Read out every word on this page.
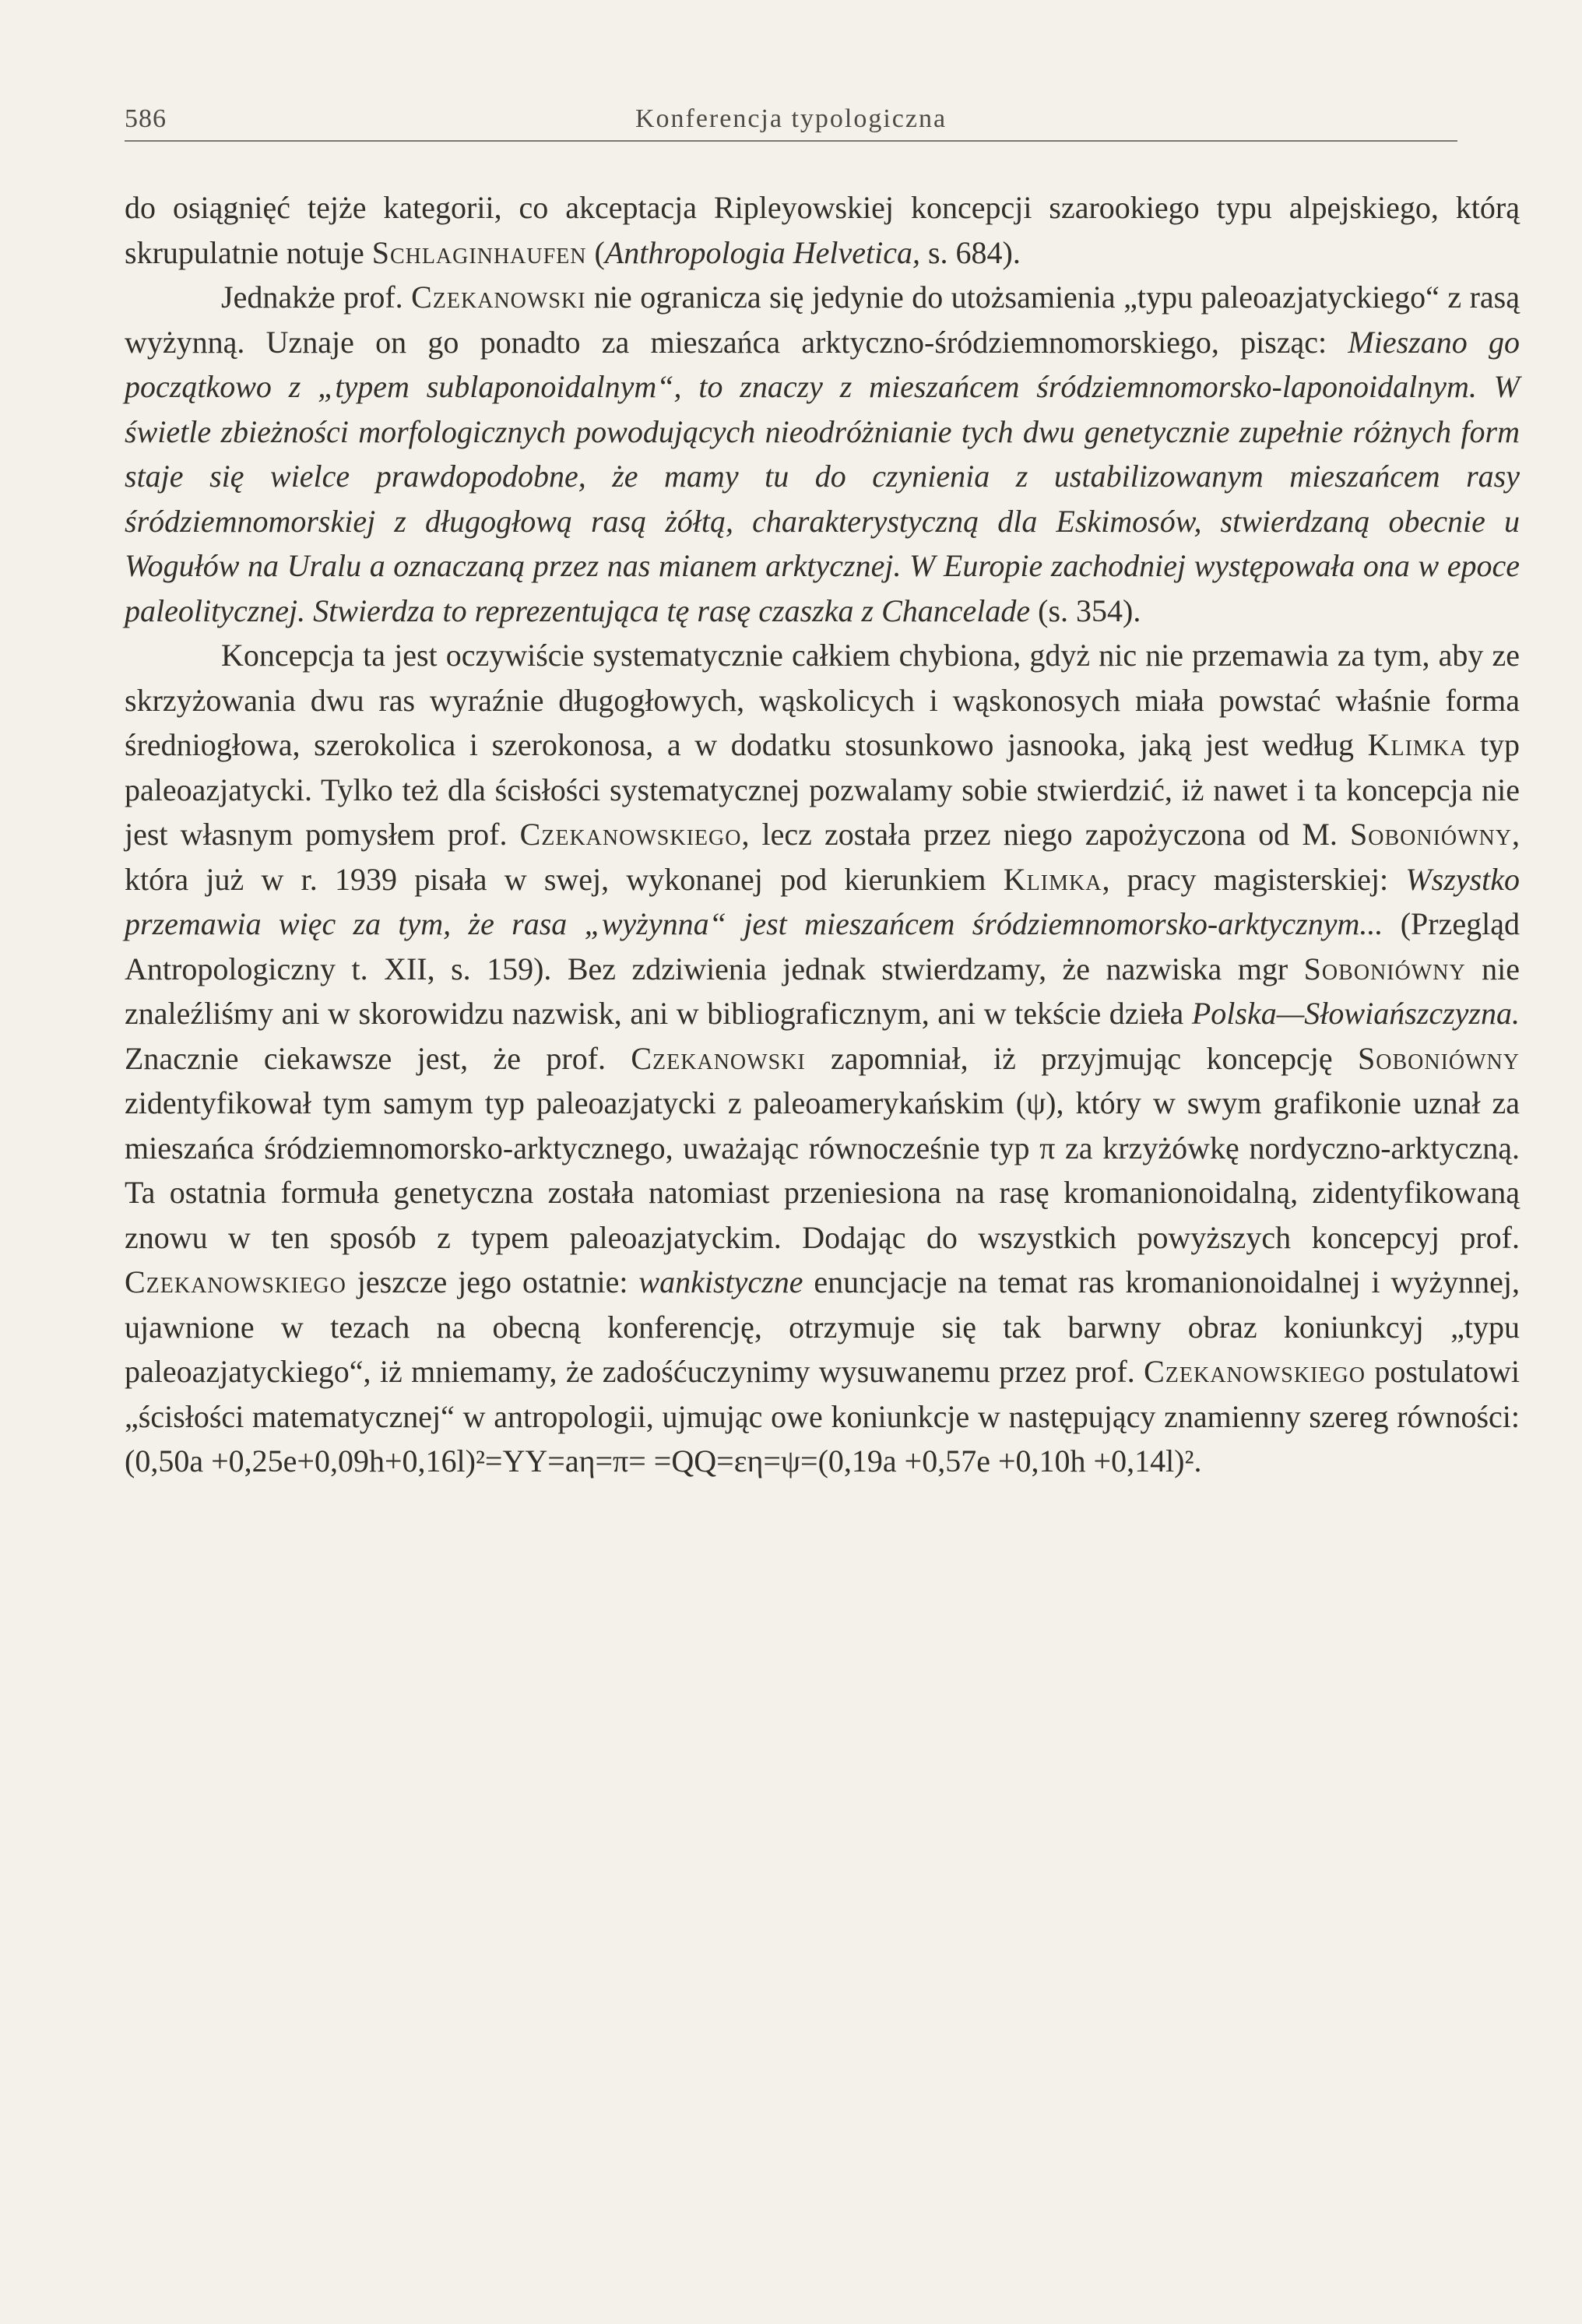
586	Konferencja typologiczna

do osiągnięć tejże kategorii, co akceptacja Ripleyowskiej koncepcji szarookiego typu alpejskiego, którą skrupulatnie notuje Schlaginhaufen (Anthropologia Helvetica, s. 684).

Jednakże prof. Czekanowski nie ogranicza się jedynie do utożsamienia „typu paleoazjatyckiego“ z rasą wyżynną. Uznaje on go ponadto za mieszańca arktyczno-śródziemnomorskiego, pisząc: Mieszano go początkowo z „typem sublaponoidalnym“, to znaczy z mieszańcem śródziemnomorsko-laponoidalnym. W świetle zbieżności morfologicznych powodujących nieodróżnianie tych dwu genetycznie zupełnie różnych form staje się wielce prawdopodobne, że mamy tu do czynienia z ustabilizowanym mieszańcem rasy śródziemnomorskiej z długogłową rasą żółtą, charakterystyczną dla Eskimosów, stwierdzaną obecnie u Wogułów na Uralu a oznaczaną przez nas mianem arktycznej. W Europie zachodniej występowała ona w epoce paleolitycznej. Stwierdza to reprezentująca tę rasę czaszka z Chancelade (s. 354).

Koncepcja ta jest oczywiście systematycznie całkiem chybiona, gdyż nic nie przemawia za tym, aby ze skrzyżowania dwu ras wyraźnie długogłowych, wąskolicych i wąskonosych miała powstać właśnie forma średniogłowa, szerokolica i szerokonosa, a w dodatku stosunkowo jasnooka, jaką jest według Klimka typ paleoazjatycki. Tylko też dla ścisłości systematycznej pozwalamy sobie stwierdzić, iż nawet i ta koncepcja nie jest własnym pomysłem prof. Czekanowskiego, lecz została przez niego zapożyczona od M. Soboniówny, która już w r. 1939 pisała w swej, wykonanej pod kierunkiem Klimka, pracy magisterskiej: Wszystko przemawia więc za tym, że rasa „wyżynna“ jest mieszańcem śródziemnomorsko-arktycznym... (Przegląd Antropologiczny t. XII, s. 159). Bez zdziwienia jednak stwierdzamy, że nazwiska mgr Soboniówny nie znaleźliśmy ani w skorowidzu nazwisk, ani w bibliograficznym, ani w tekście dzieła Polska—Słowiańszczyzna. Znacznie ciekawsze jest, że prof. Czekanowski zapomniał, iż przyjmując koncepcję Soboniówny zidentyfikował tym samym typ paleoazjatycki z paleoamerykańskim (ψ), który w swym grafikonie uznał za mieszańca śródziemnomorsko-arktycznego, uważając równocześnie typ π za krzyżówkę nordyczno-arktyczną. Ta ostatnia formuła genetyczna została natomiast przeniesiona na rasę kromanionoidalną, zidentyfikowaną znowu w ten sposób z typem paleoazjatyckim. Dodając do wszystkich powyższych koncepcyj prof. Czekanowskiego jeszcze jego ostatnie: wankistyczne enuncjacje na temat ras kromanionoidalnej i wyżynnej, ujawnione w tezach na obecną konferencję, otrzymuje się tak barwny obraz koniunkcyj „typu paleoazjatyckiego“, iż mniemamy, że zadośćuczynimy wysuwanemu przez prof. Czekanowskiego postulatowi „ścisłości matematycznej“ w antropologii, ujmując owe koniunkcje w następujący znamienny szereg równości: (0,50a +0,25e+0,09h+0,16l)²=YY=aη=π= =QQ=εη=ψ=(0,19a +0,57e +0,10h +0,14l)².
